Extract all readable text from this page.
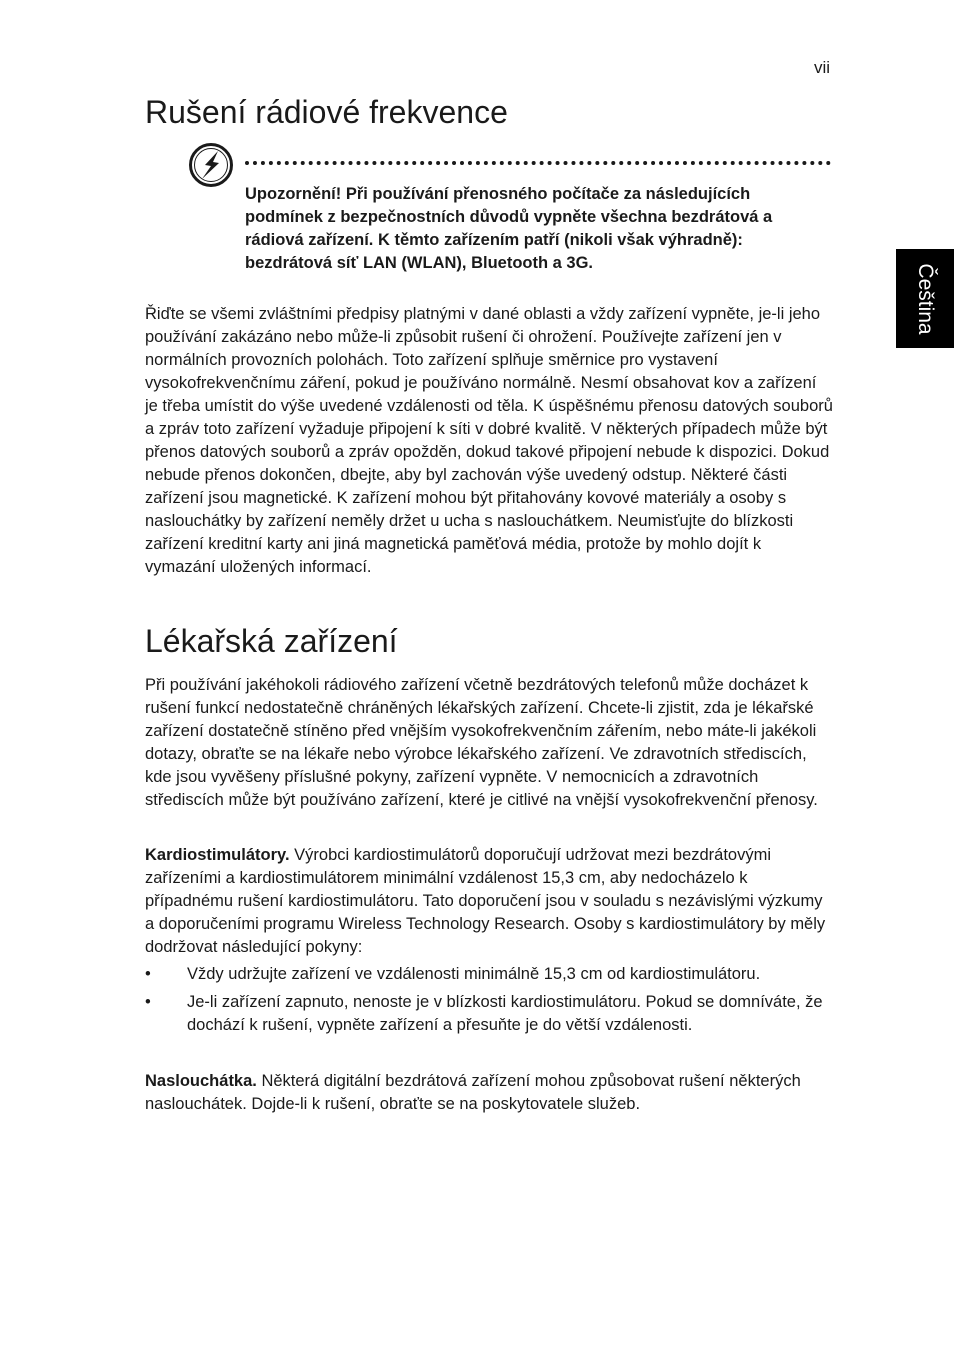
vii
Čeština
Rušení rádiové frekvence
Upozornění! Při používání přenosného počítače za následujících podmínek z bezpečnostních důvodů vypněte všechna bezdrátová a rádiová zařízení. K těmto zařízením patří (nikoli však výhradně): bezdrátová síť LAN (WLAN), Bluetooth a 3G.

Řiďte se všemi zvláštními předpisy platnými v dané oblasti a vždy zařízení vypněte, je-li jeho používání zakázáno nebo může-li způsobit rušení či ohrožení. Používejte zařízení jen v normálních provozních polohách. Toto zařízení splňuje směrnice pro vystavení vysokofrekvenčnímu záření, pokud je používáno normálně. Nesmí obsahovat kov a zařízení je třeba umístit do výše uvedené vzdálenosti od těla. K úspěšnému přenosu datových souborů a zpráv toto zařízení vyžaduje připojení k síti v dobré kvalitě. V některých případech může být přenos datových souborů a zpráv opožděn, dokud takové připojení nebude k dispozici. Dokud nebude přenos dokončen, dbejte, aby byl zachován výše uvedený odstup. Některé části zařízení jsou magnetické. K zařízení mohou být přitahovány kovové materiály a osoby s naslouchátky by zařízení neměly držet u ucha s naslouchátkem. Neumisťujte do blízkosti zařízení kreditní karty ani jiná magnetická paměťová média, protože by mohlo dojít k vymazání uložených informací.

Lékařská zařízení

Při používání jakéhokoli rádiového zařízení včetně bezdrátových telefonů může docházet k rušení funkcí nedostatečně chráněných lékařských zařízení. Chcete-li zjistit, zda je lékařské zařízení dostatečně stíněno před vnějším vysokofrekvenčním zářením, nebo máte-li jakékoli dotazy, obraťte se na lékaře nebo výrobce lékařského zařízení. Ve zdravotních střediscích, kde jsou vyvěšeny příslušné pokyny, zařízení vypněte. V nemocnicích a zdravotních střediscích může být používáno zařízení, které je citlivé na vnější vysokofrekvenční přenosy.

Kardiostimulátory. Výrobci kardiostimulátorů doporučují udržovat mezi bezdrátovými zařízeními a kardiostimulátorem minimální vzdálenost 15,3 cm, aby nedocházelo k případnému rušení kardiostimulátoru. Tato doporučení jsou v souladu s nezávislými výzkumy a doporučeními programu Wireless Technology Research. Osoby s kardiostimulátory by měly dodržovat následující pokyny:

• Vždy udržujte zařízení ve vzdálenosti minimálně 15,3 cm od kardiostimulátoru.
• Je-li zařízení zapnuto, nenoste je v blízkosti kardiostimulátoru. Pokud se domníváte, že dochází k rušení, vypněte zařízení a přesuňte je do větší vzdálenosti.

Naslouchátka. Některá digitální bezdrátová zařízení mohou způsobovat rušení některých naslouchátek. Dojde-li k rušení, obraťte se na poskytovatele služeb.
